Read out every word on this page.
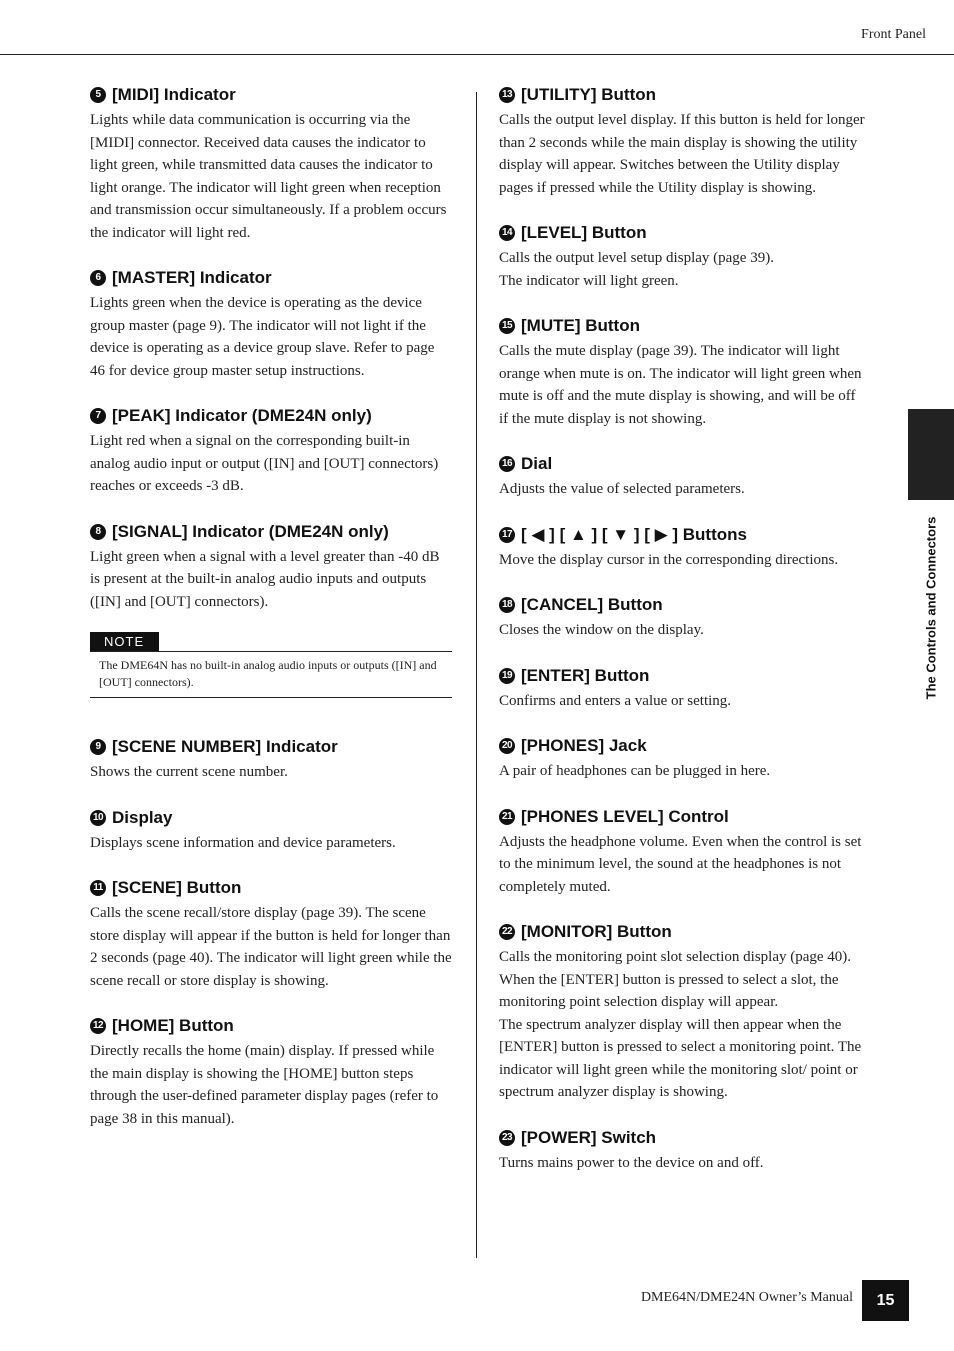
Front Panel
5 [MIDI] Indicator

Lights while data communication is occurring via the [MIDI] connector. Received data causes the indicator to light green, while transmitted data causes the indicator to light orange. The indicator will light green when reception and transmission occur simultaneously. If a problem occurs the indicator will light red.

6 [MASTER] Indicator

Lights green when the device is operating as the device group master (page 9). The indicator will not light if the device is operating as a device group slave. Refer to page 46 for device group master setup instructions.

7 [PEAK] Indicator (DME24N only)

Light red when a signal on the corresponding built-in analog audio input or output ([IN] and [OUT] connectors) reaches or exceeds -3 dB.

8 [SIGNAL] Indicator (DME24N only)

Light green when a signal with a level greater than -40 dB is present at the built-in analog audio inputs and outputs ([IN] and [OUT] connectors).

NOTE
The DME64N has no built-in analog audio inputs or outputs ([IN] and [OUT] connectors).
9 [SCENE NUMBER] Indicator

Shows the current scene number.

10 Display

Displays scene information and device parameters.

11 [SCENE] Button

Calls the scene recall/store display (page 39). The scene store display will appear if the button is held for longer than 2 seconds (page 40). The indicator will light green while the scene recall or store display is showing.

12 [HOME] Button

Directly recalls the home (main) display. If pressed while the main display is showing the [HOME] button steps through the user-defined parameter display pages (refer to page 38 in this manual).

13 [UTILITY] Button

Calls the output level display. If this button is held for longer than 2 seconds while the main display is showing the utility display will appear. Switches between the Utility display pages if pressed while the Utility display is showing.

14 [LEVEL] Button

Calls the output level setup display (page 39).

The indicator will light green.

15 [MUTE] Button

Calls the mute display (page 39). The indicator will light orange when mute is on. The indicator will light green when mute is off and the mute display is showing, and will be off if the mute display is not showing.

16 Dial

Adjusts the value of selected parameters.

17 [ ◀ ] [ ▲ ] [ ▼ ] [ ▶ ] Buttons

Move the display cursor in the corresponding directions.

18 [CANCEL] Button

Closes the window on the display.

19 [ENTER] Button

Confirms and enters a value or setting.

20 [PHONES] Jack

A pair of headphones can be plugged in here.

21 [PHONES LEVEL] Control

Adjusts the headphone volume. Even when the control is set to the minimum level, the sound at the headphones is not completely muted.

22 [MONITOR] Button

Calls the monitoring point slot selection display (page 40). When the [ENTER] button is pressed to select a slot, the monitoring point selection display will appear.

The spectrum analyzer display will then appear when the [ENTER] button is pressed to select a monitoring point. The indicator will light green while the monitoring slot/ point or spectrum analyzer display is showing.

23 [POWER] Switch

Turns mains power to the device on and off.

The Controls and Connectors
DME64N/DME24N Owner’s Manual	15
